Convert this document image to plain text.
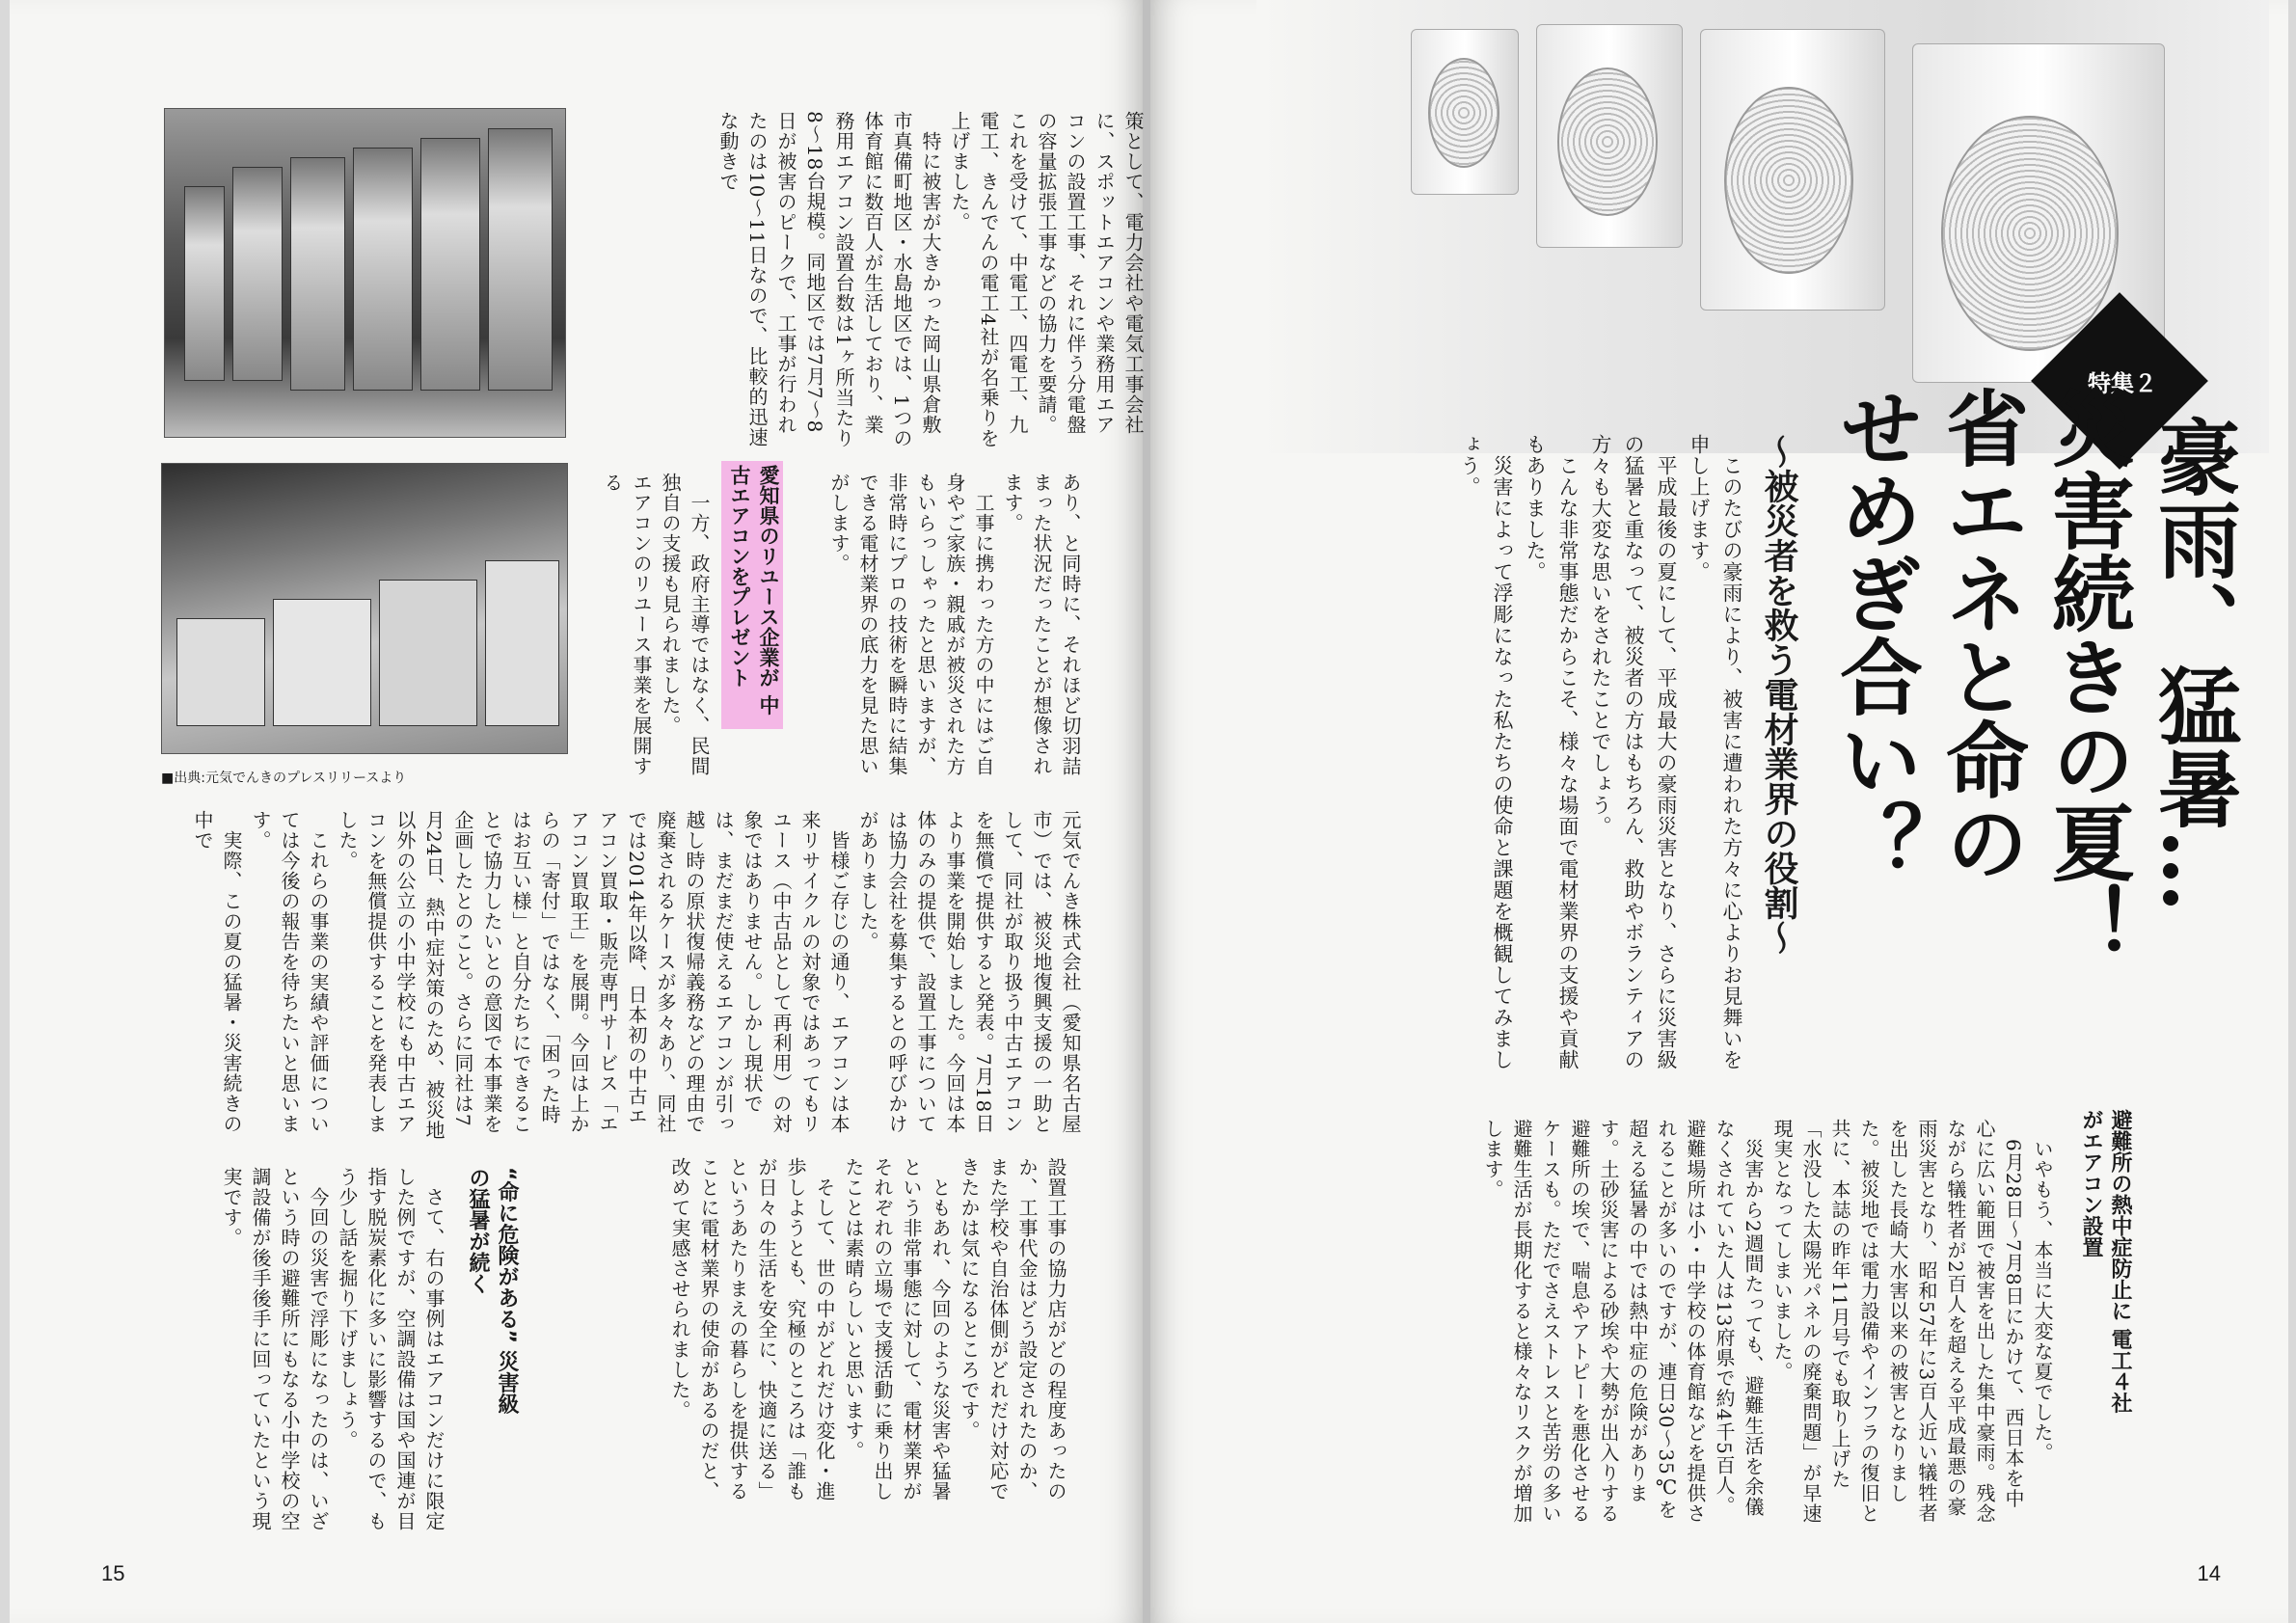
■出典:元気でんきのプレスリリースより
　策として、電力会社や電気工事会社に、スポットエアコンや業務用エアコンの設置工事、それに伴う分電盤の容量拡張工事などの協力を要請。これを受けて、中電工、四電工、九電工、きんでんの電工4社が名乗りを上げました。
　特に被害が大きかった岡山県倉敷市真備町地区・水島地区では、1つの体育館に数百人が生活しており、業務用エアコン設置台数は1ヶ所当たり8〜18台規模。同地区では7月7〜8日が被害のピークで、工事が行われたのは10〜11日なので、比較的迅速な動きで
あり、と同時に、それほど切羽詰まった状況だったことが想像されます。
　工事に携わった方の中にはご自身やご家族・親戚が被災された方もいらっしゃったと思いますが、非常時にプロの技術を瞬時に結集できる電材業界の底力を見た思いがします。
愛知県のリユース企業が 中古エアコンをプレゼント
　一方、政府主導ではなく、民間独自の支援も見られました。
エアコンのリユース事業を展開する
元気でんき株式会社（愛知県名古屋市）では、被災地復興支援の一助として、同社が取り扱う中古エアコンを無償で提供すると発表。7月18日より事業を開始しました。今回は本体のみの提供で、設置工事については協力会社を募集するとの呼びかけがありました。
　皆様ご存じの通り、エアコンは本来リサイクルの対象ではあってもリユース（中古品として再利用）の対象ではありません。しかし現状では、まだまだ使えるエアコンが引っ越し時の原状復帰義務などの理由で廃棄されるケースが多々あり、同社では2014年以降、日本初の中古エアコン買取・販売専門サービス「エアコン買取王」を展開。今回は上からの「寄付」ではなく、「困った時はお互い様」と自分たちにできることで協力したいとの意図で本事業を企画したとのこと。さらに同社は7月24日、熱中症対策のため、被災地以外の公立の小中学校にも中古エアコンを無償提供することを発表しました。
　これらの事業の実績や評価については今後の報告を待ちたいと思います。
　実際、この夏の猛暑・災害続きの中で
設置工事の協力店がどの程度あったのか、工事代金はどう設定されたのか、また学校や自治体側がどれだけ対応できたかは気になるところです。
　ともあれ、今回のような災害や猛暑という非常事態に対して、電材業界がそれぞれの立場で支援活動に乗り出したことは素晴らしいと思います。
　そして、世の中がどれだけ変化・進歩しようとも、究極のところは「誰もが日々の生活を安全に、快適に送る」というあたりまえの暮らしを提供することに電材業界の使命があるのだと、改めて実感させられました。
“命に危険がある” 災害級の猛暑が続く
　さて、右の事例はエアコンだけに限定した例ですが、空調設備は国や国連が目指す脱炭素化に多いに影響するので、もう少し話を掘り下げましょう。
　今回の災害で浮彫になったのは、いざという時の避難所にもなる小中学校の空調設備が後手後手に回っていたという現実です。
15
特集２
豪雨、猛暑…
災害続きの夏！
省エネと命の
せめぎ合い？
〜被災者を救う電材業界の役割〜
　このたびの豪雨により、被害に遭われた方々に心よりお見舞いを申し上げます。
　平成最後の夏にして、平成最大の豪雨災害となり、さらに災害級の猛暑と重なって、被災者の方はもちろん、救助やボランティアの方々も大変な思いをされたことでしょう。
　こんな非常事態だからこそ、様々な場面で電材業界の支援や貢献もありました。
　災害によって浮彫になった私たちの使命と課題を概観してみましょう。
避難所の熱中症防止に 電工４社がエアコン設置
　いやもう、本当に大変な夏でした。
　6月28日〜7月8日にかけて、西日本を中心に広い範囲で被害を出した集中豪雨。残念ながら犠牲者が2百人を超える平成最悪の豪雨災害となり、昭和57年に3百人近い犠牲者を出した長崎大水害以来の被害となりました。被災地では電力設備やインフラの復旧と共に、本誌の昨年11月号でも取り上げた「水没した太陽光パネルの廃棄問題」が早速現実となってしまいました。
　災害から2週間たっても、避難生活を余儀なくされていた人は13府県で約4千5百人。避難場所は小・中学校の体育館などを提供されることが多いのですが、連日30〜35℃を超える猛暑の中では熱中症の危険があります。土砂災害による砂埃や大勢が出入りする避難所の埃で、喘息やアトピーを悪化させるケースも。ただでさえストレスと苦労の多い避難生活が長期化すると様々なリスクが増加します。
14
